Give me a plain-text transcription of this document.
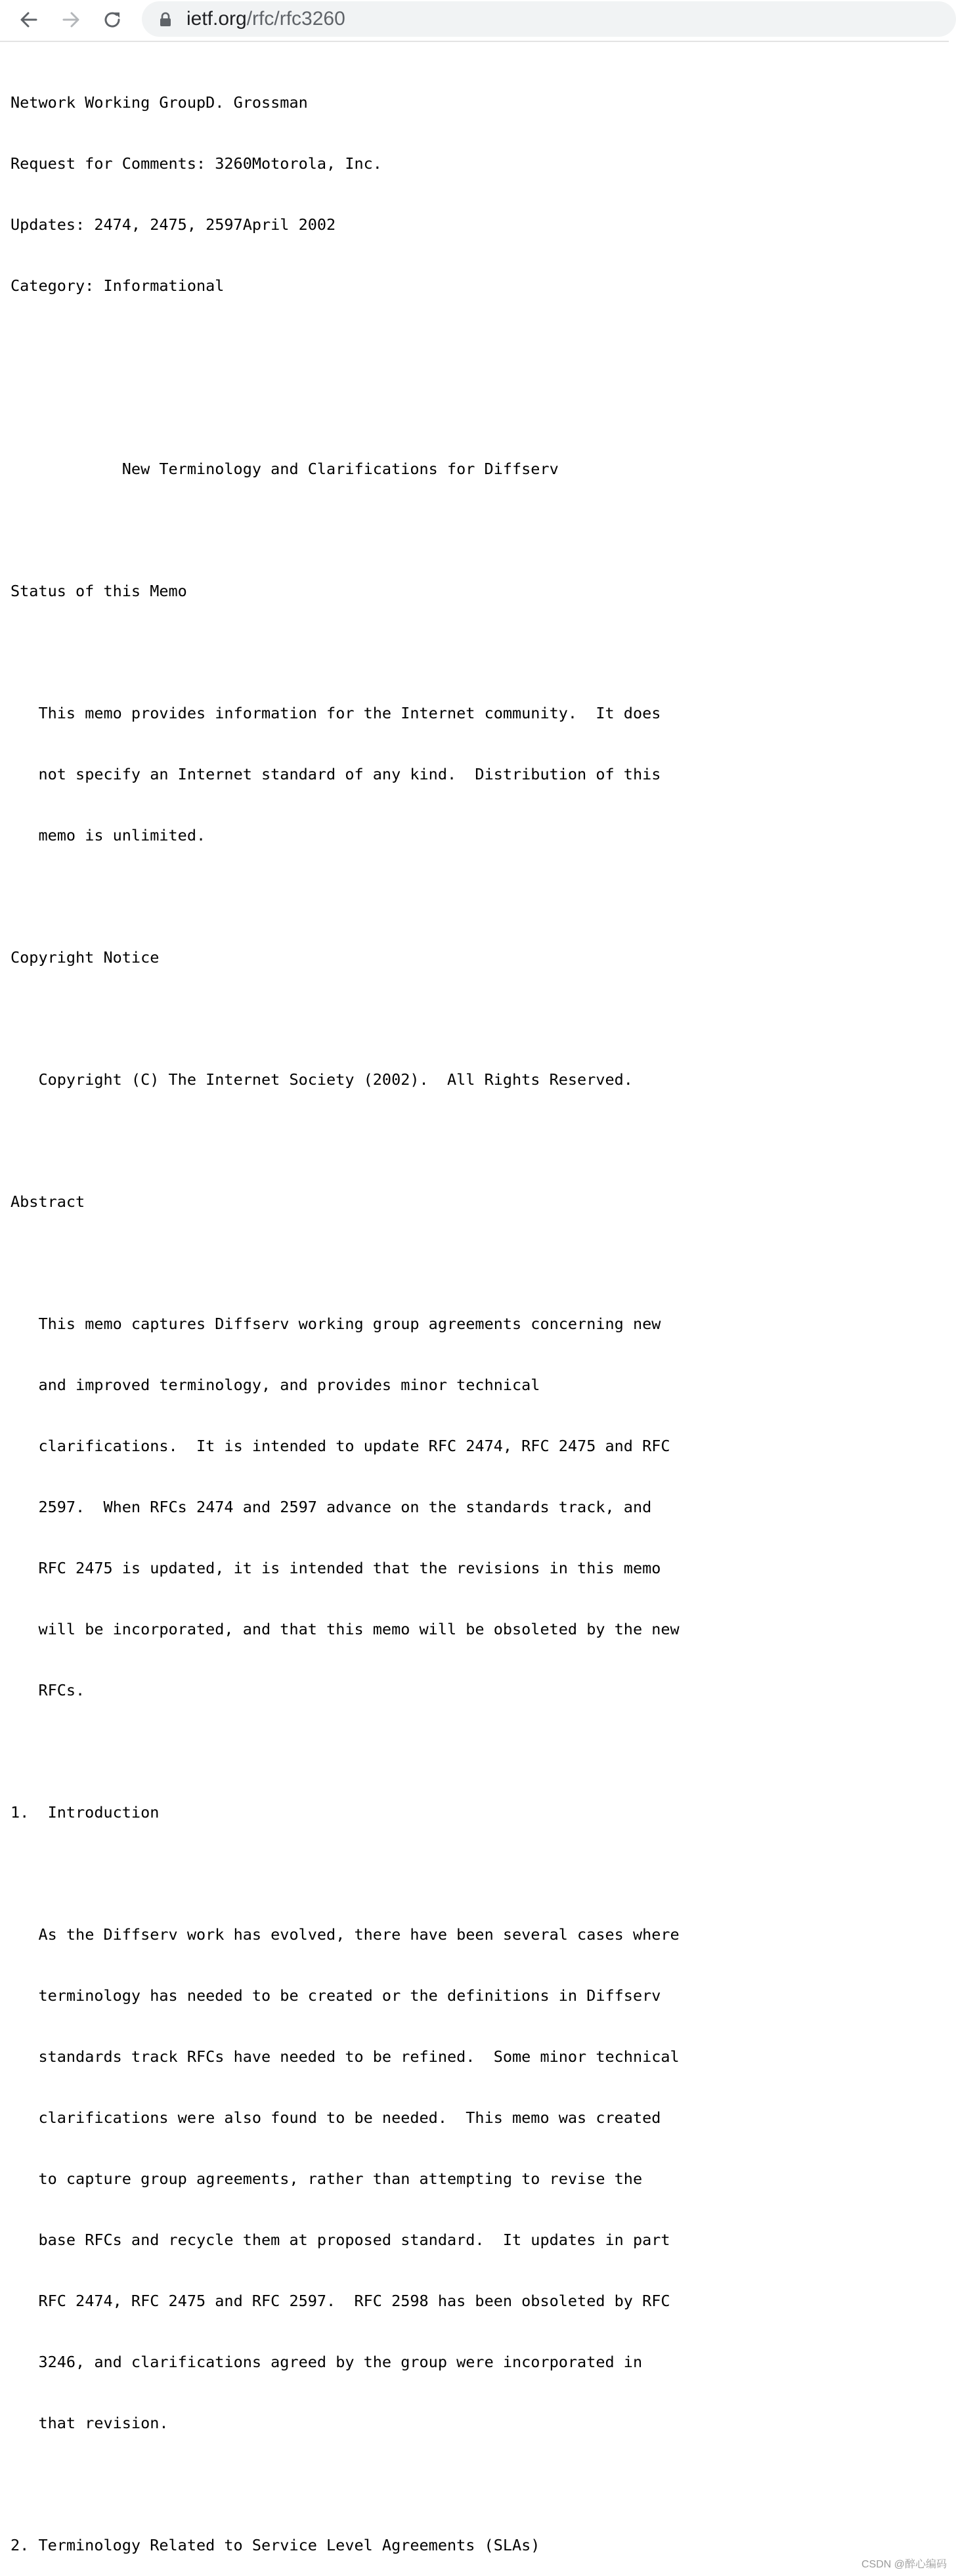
ietf.org/rfc/rfc3260

Network Working GroupD. Grossman

Request for Comments: 3260Motorola, Inc.

Updates: 2474, 2475, 2597April 2002

Category: Informational

New Terminology and Clarifications for Diffserv

Status of this Memo

This memo provides information for the Internet community.  It does

not specify an Internet standard of any kind.  Distribution of this

memo is unlimited.

Copyright Notice

Copyright (C) The Internet Society (2002).  All Rights Reserved.

Abstract

This memo captures Diffserv working group agreements concerning new

and improved terminology, and provides minor technical

clarifications.  It is intended to update RFC 2474, RFC 2475 and RFC

2597.  When RFCs 2474 and 2597 advance on the standards track, and

RFC 2475 is updated, it is intended that the revisions in this memo

will be incorporated, and that this memo will be obsoleted by the new

RFCs.

1.  Introduction

As the Diffserv work has evolved, there have been several cases where

terminology has needed to be created or the definitions in Diffserv

standards track RFCs have needed to be refined.  Some minor technical

clarifications were also found to be needed.  This memo was created

to capture group agreements, rather than attempting to revise the

base RFCs and recycle them at proposed standard.  It updates in part

RFC 2474, RFC 2475 and RFC 2597.  RFC 2598 has been obsoleted by RFC

3246, and clarifications agreed by the group were incorporated in

that revision.

2. Terminology Related to Service Level Agreements (SLAs)

CSDN @醉心编码
